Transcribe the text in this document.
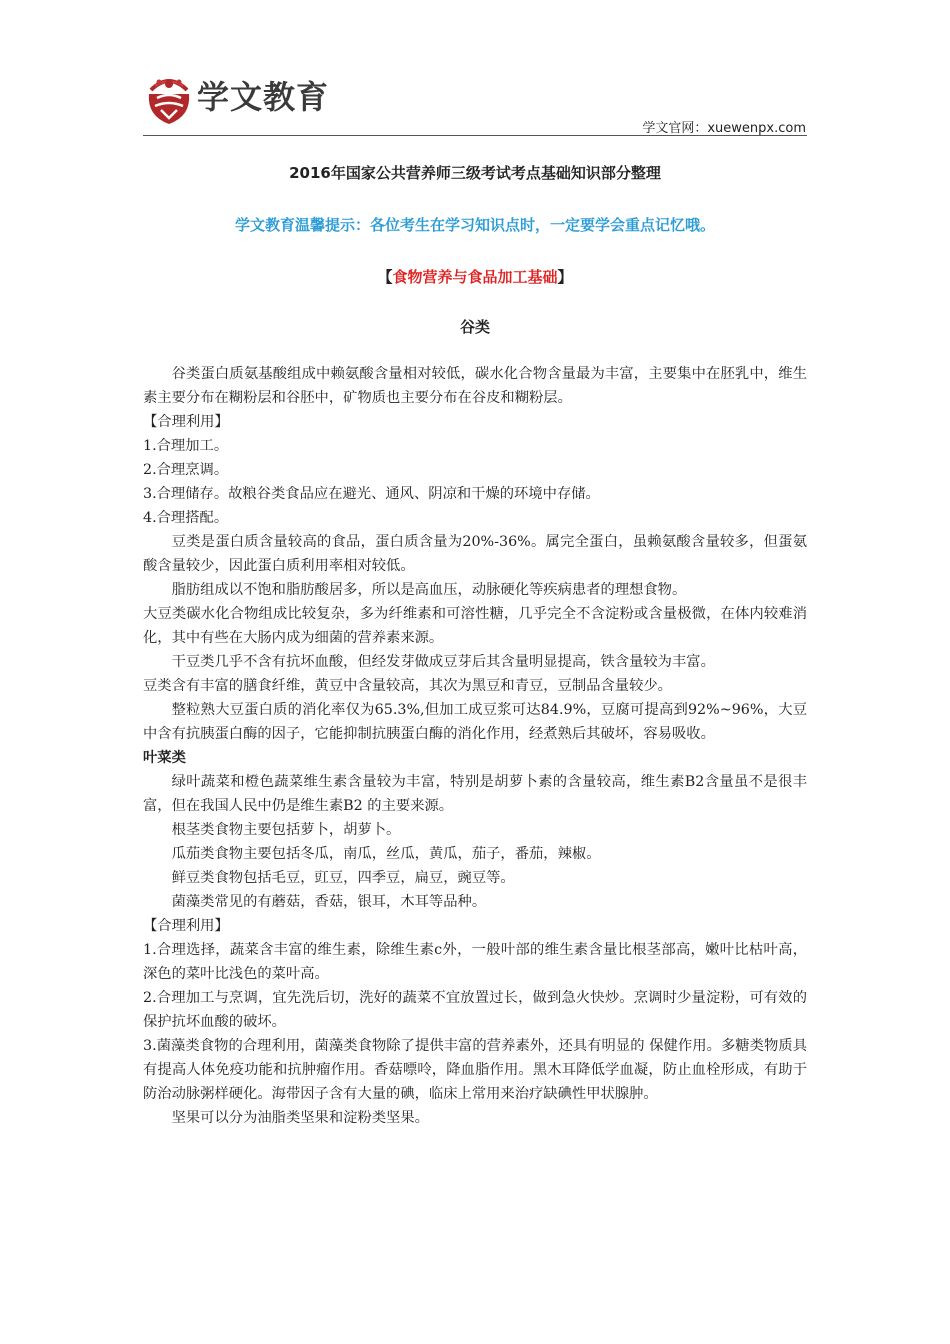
学文教育
学文官网：xuewenpx.com
2016年国家公共营养师三级考试考点基础知识部分整理
学文教育温馨提示：各位考生在学习知识点时，一定要学会重点记忆哦。
【食物营养与食品加工基础】
谷类

谷类蛋白质氨基酸组成中赖氨酸含量相对较低，碳水化合物含量最为丰富，主要集中在胚乳中，维生素主要分布在糊粉层和谷胚中，矿物质也主要分布在谷皮和糊粉层。

【合理利用】

1.合理加工。

2.合理烹调。

3.合理储存。故粮谷类食品应在避光、通风、阴凉和干燥的环境中存储。

4.合理搭配。

豆类是蛋白质含量较高的食品，蛋白质含量为20%-36%。属完全蛋白，虽赖氨酸含量较多，但蛋氨酸含量较少，因此蛋白质利用率相对较低。

脂肪组成以不饱和脂肪酸居多，所以是高血压，动脉硬化等疾病患者的理想食物。

大豆类碳水化合物组成比较复杂，多为纤维素和可溶性糖，几乎完全不含淀粉或含量极微，在体内较难消化，其中有些在大肠内成为细菌的营养素来源。

干豆类几乎不含有抗坏血酸，但经发芽做成豆芽后其含量明显提高，铁含量较为丰富。

豆类含有丰富的膳食纤维，黄豆中含量较高，其次为黑豆和青豆，豆制品含量较少。

整粒熟大豆蛋白质的消化率仅为65.3%,但加工成豆浆可达84.9%，豆腐可提高到92%~96%，大豆中含有抗胰蛋白酶的因子，它能抑制抗胰蛋白酶的消化作用，经煮熟后其破坏，容易吸收。

叶菜类

绿叶蔬菜和橙色蔬菜维生素含量较为丰富，特别是胡萝卜素的含量较高，维生素B2含量虽不是很丰富，但在我国人民中仍是维生素B2 的主要来源。

根茎类食物主要包括萝卜，胡萝卜。

瓜茄类食物主要包括冬瓜，南瓜，丝瓜，黄瓜，茄子，番茄，辣椒。

鲜豆类食物包括毛豆，豇豆，四季豆，扁豆，豌豆等。

菌藻类常见的有蘑菇，香菇，银耳，木耳等品种。

【合理利用】

1.合理选择，蔬菜含丰富的维生素，除维生素c外，一般叶部的维生素含量比根茎部高，嫩叶比枯叶高，深色的菜叶比浅色的菜叶高。

2.合理加工与烹调，宜先洗后切，洗好的蔬菜不宜放置过长，做到急火快炒。烹调时少量淀粉，可有效的保护抗坏血酸的破坏。

3.菌藻类食物的合理利用，菌藻类食物除了提供丰富的营养素外，还具有明显的 保健作用。多糖类物质具有提高人体免疫功能和抗肿瘤作用。香菇嘌呤，降血脂作用。黑木耳降低学血凝，防止血栓形成，有助于防治动脉粥样硬化。海带因子含有大量的碘，临床上常用来治疗缺碘性甲状腺肿。

坚果可以分为油脂类坚果和淀粉类坚果。
